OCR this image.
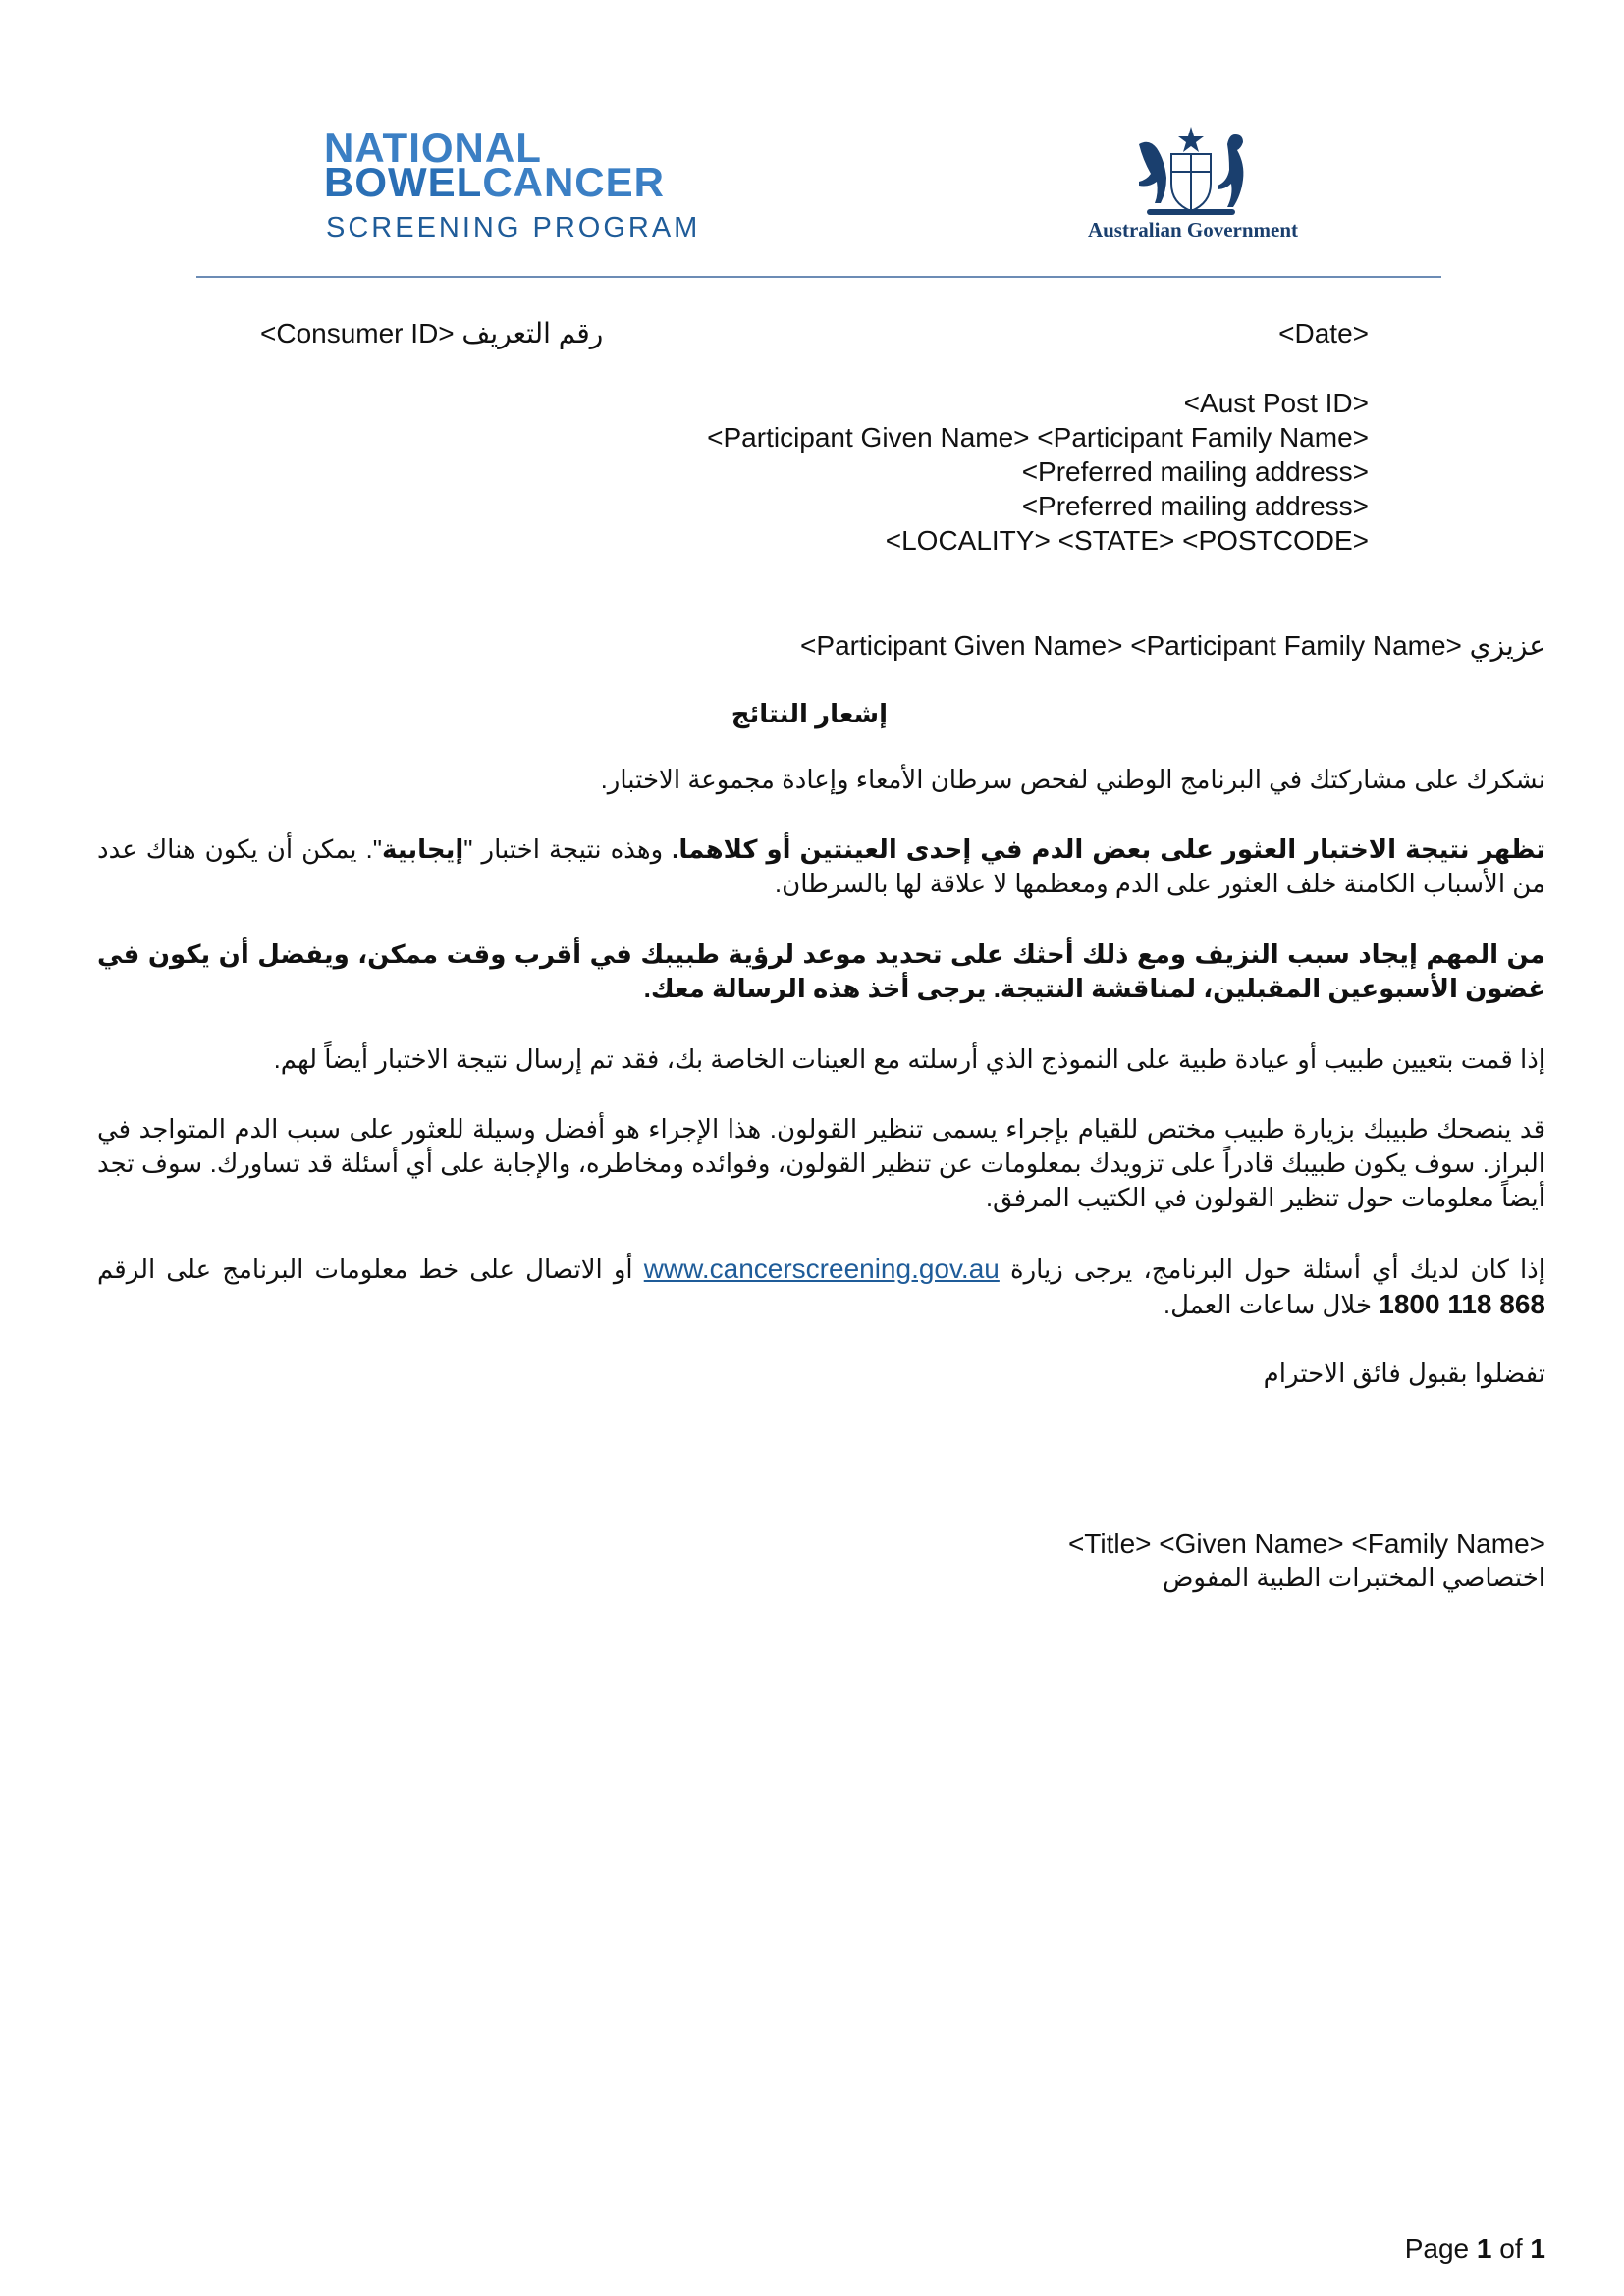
NATIONAL
BOWELCANCER
SCREENING PROGRAM	Australian Government
<Consumer ID> رقم التعريف	<Date>
<Aust Post ID>
<Participant Given Name> <Participant Family Name>
<Preferred mailing address>
<Preferred mailing address>
<LOCALITY> <STATE> <POSTCODE>
عزيزي <Participant Given Name> <Participant Family Name>
إشعار النتائج
نشكرك على مشاركتك في البرنامج الوطني لفحص سرطان الأمعاء وإعادة مجموعة الاختبار.
تظهر نتيجة الاختبار العثور على بعض الدم في إحدى العينتين أو كلاهما. وهذه نتيجة اختبار "إيجابية". يمكن أن يكون هناك عدد من الأسباب الكامنة خلف العثور على الدم ومعظمها لا علاقة لها بالسرطان.
من المهم إيجاد سبب النزيف ومع ذلك أحثك على تحديد موعد لرؤية طبيبك في أقرب وقت ممكن، ويفضل أن يكون في غضون الأسبوعين المقبلين، لمناقشة النتيجة. يرجى أخذ هذه الرسالة معك.
إذا قمت بتعيين طبيب أو عيادة طبية على النموذج الذي أرسلته مع العينات الخاصة بك، فقد تم إرسال نتيجة الاختبار أيضاً لهم.
قد ينصحك طبيبك بزيارة طبيب مختص للقيام بإجراء يسمى تنظير القولون. هذا الإجراء هو أفضل وسيلة للعثور على سبب الدم المتواجد في البراز. سوف يكون طبيبك قادراً على تزويدك بمعلومات عن تنظير القولون، وفوائده ومخاطره، والإجابة على أي أسئلة قد تساورك. سوف تجد أيضاً معلومات حول تنظير القولون في الكتيب المرفق.
إذا كان لديك أي أسئلة حول البرنامج، يرجى زيارة www.cancerscreening.gov.au أو الاتصال على خط معلومات البرنامج على الرقم 1800 118 868 خلال ساعات العمل.
تفضلوا بقبول فائق الاحترام
<Title> <Given Name> <Family Name>
اختصاصي المختبرات الطبية المفوض
Page 1 of 1
